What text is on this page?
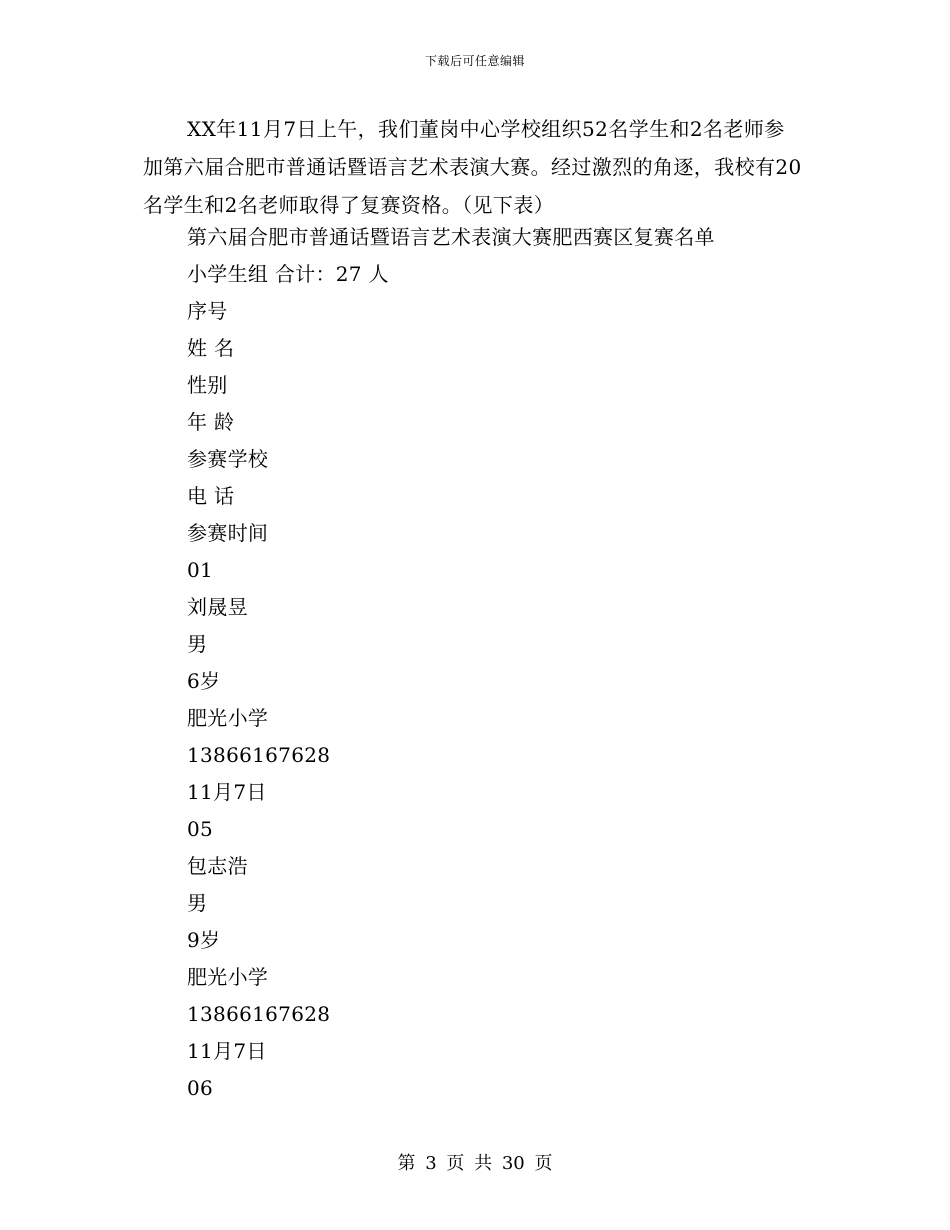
下载后可任意编辑
XX年11月7日上午，我们董岗中心学校组织52名学生和2名老师参加第六届合肥市普通话暨语言艺术表演大赛。经过激烈的角逐，我校有20名学生和2名老师取得了复赛资格。（见下表）
第六届合肥市普通话暨语言艺术表演大赛肥西赛区复赛名单
小学生组 合计：27 人
序号
姓 名
性别
年 龄
参赛学校
电 话
参赛时间
01
刘晟昱
男
6岁
肥光小学
13866167628
11月7日
05
包志浩
男
9岁
肥光小学
13866167628
11月7日
06
第 3 页 共 30 页
